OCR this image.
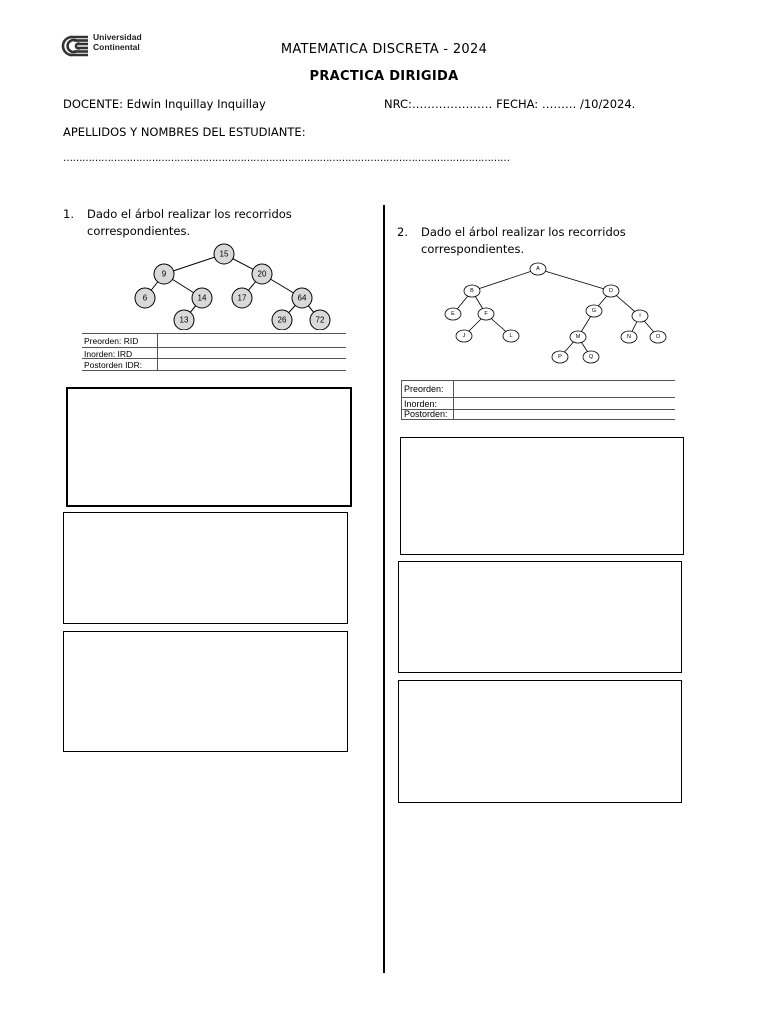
Universidad
Continental	MATEMATICA DISCRETA - 2024
PRACTICA DIRIGIDA
DOCENTE: Edwin Inquillay Inquillay	NRC:………………… FECHA: ……… /10/2024.
APELLIDOS Y NOMBRES DEL ESTUDIANTE:
……………………………………………………………………………………………………………………………
1. Dado el árbol realizar los recorridos correspondientes.
15
9	20
6	14	17	64
13	26	72
Preorden: RID
Inorden: IRD
Postorden IDR:
2. Dado el árbol realizar los recorridos correspondientes.
A
B	D
E	F	G
I
J	L	M	N	O
P	Q
Preorden:
Inorden:
Postorden:
